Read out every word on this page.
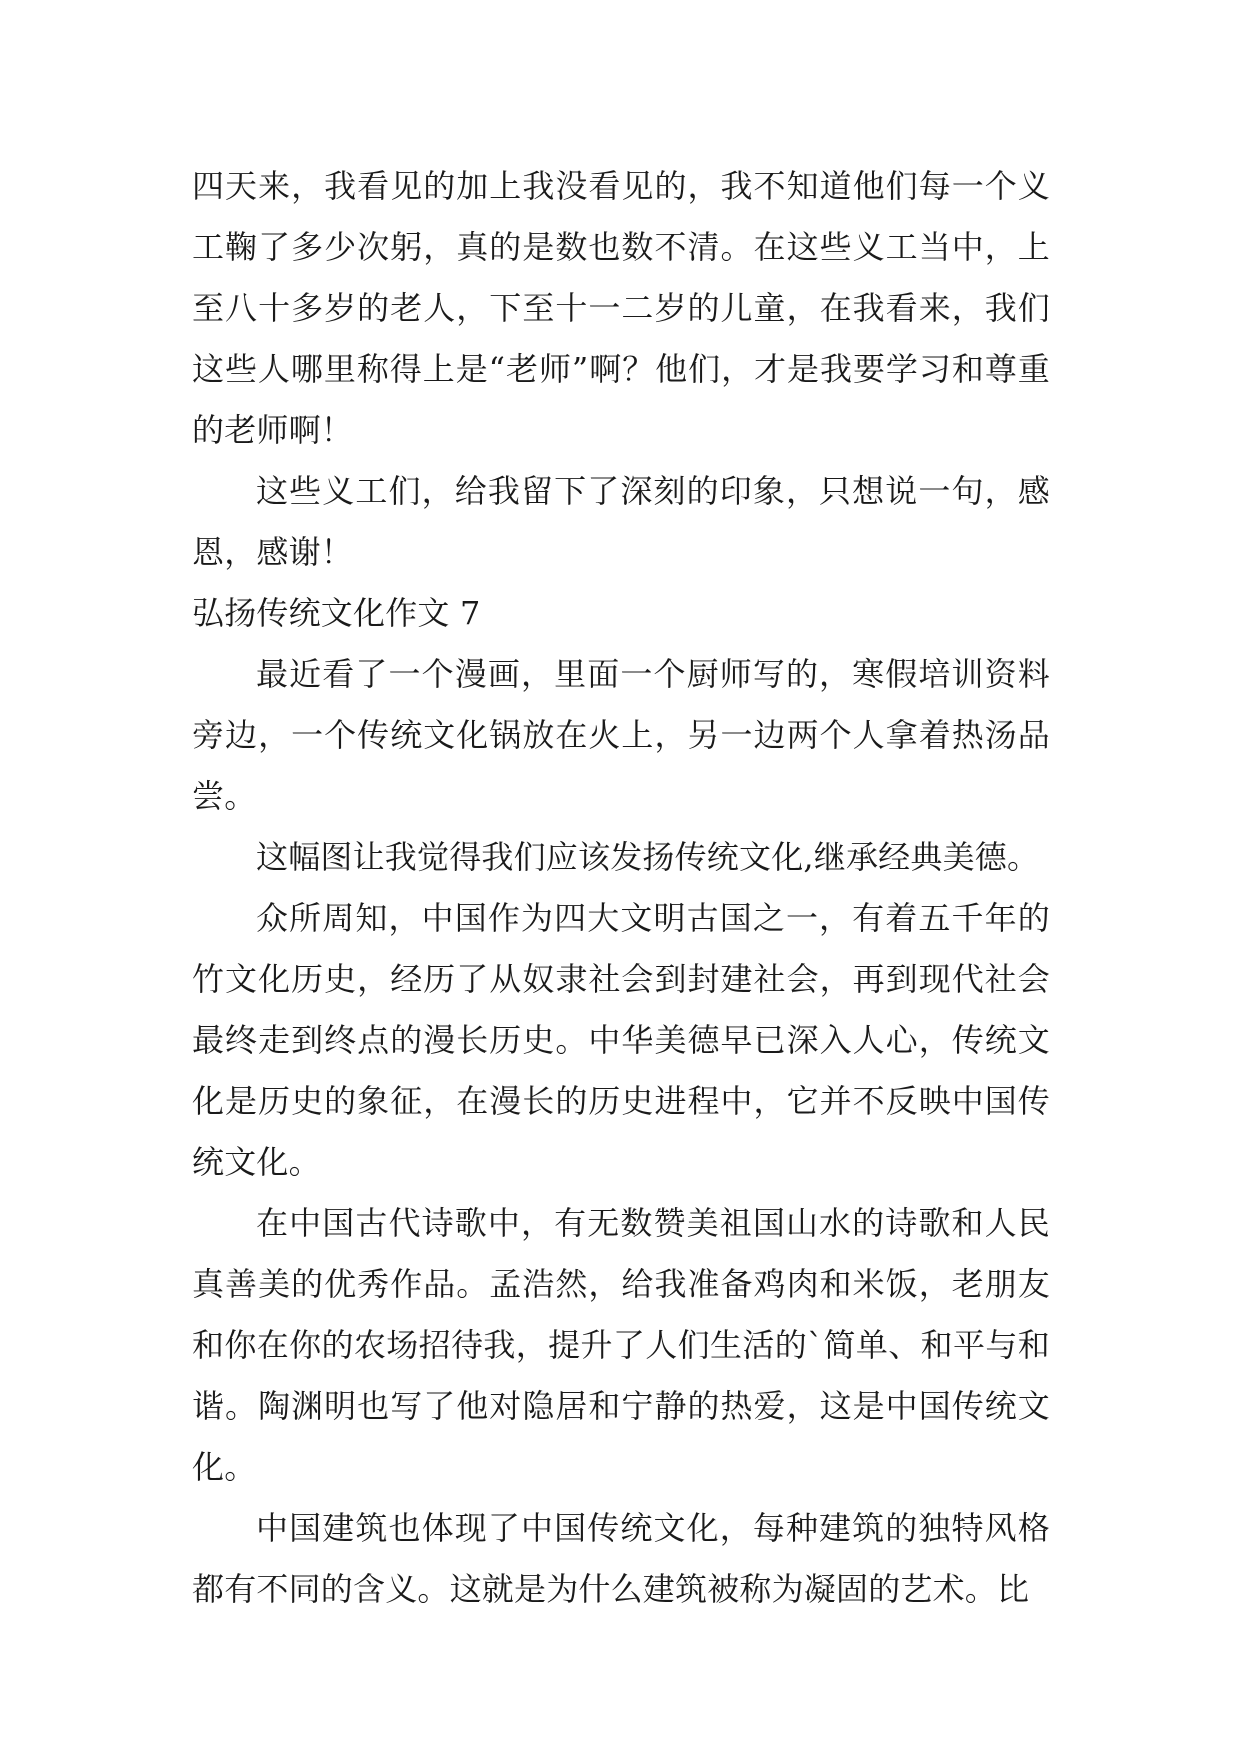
四天来，我看见的加上我没看见的，我不知道他们每一个义工鞠了多少次躬，真的是数也数不清。在这些义工当中，上至八十多岁的老人，下至十一二岁的儿童，在我看来，我们这些人哪里称得上是“老师”啊？他们，才是我要学习和尊重的老师啊！

这些义工们，给我留下了深刻的印象，只想说一句，感恩，感谢！

弘扬传统文化作文 7

最近看了一个漫画，里面一个厨师写的，寒假培训资料旁边，一个传统文化锅放在火上，另一边两个人拿着热汤品尝。

这幅图让我觉得我们应该发扬传统文化,继承经典美德。

众所周知，中国作为四大文明古国之一，有着五千年的竹文化历史，经历了从奴隶社会到封建社会，再到现代社会最终走到终点的漫长历史。中华美德早已深入人心，传统文化是历史的象征，在漫长的历史进程中，它并不反映中国传统文化。

在中国古代诗歌中，有无数赞美祖国山水的诗歌和人民真善美的优秀作品。孟浩然，给我准备鸡肉和米饭，老朋友和你在你的农场招待我，提升了人们生活的`简单、和平与和谐。陶渊明也写了他对隐居和宁静的热爱，这是中国传统文化。

中国建筑也体现了中国传统文化，每种建筑的独特风格都有不同的含义。这就是为什么建筑被称为凝固的艺术。比
